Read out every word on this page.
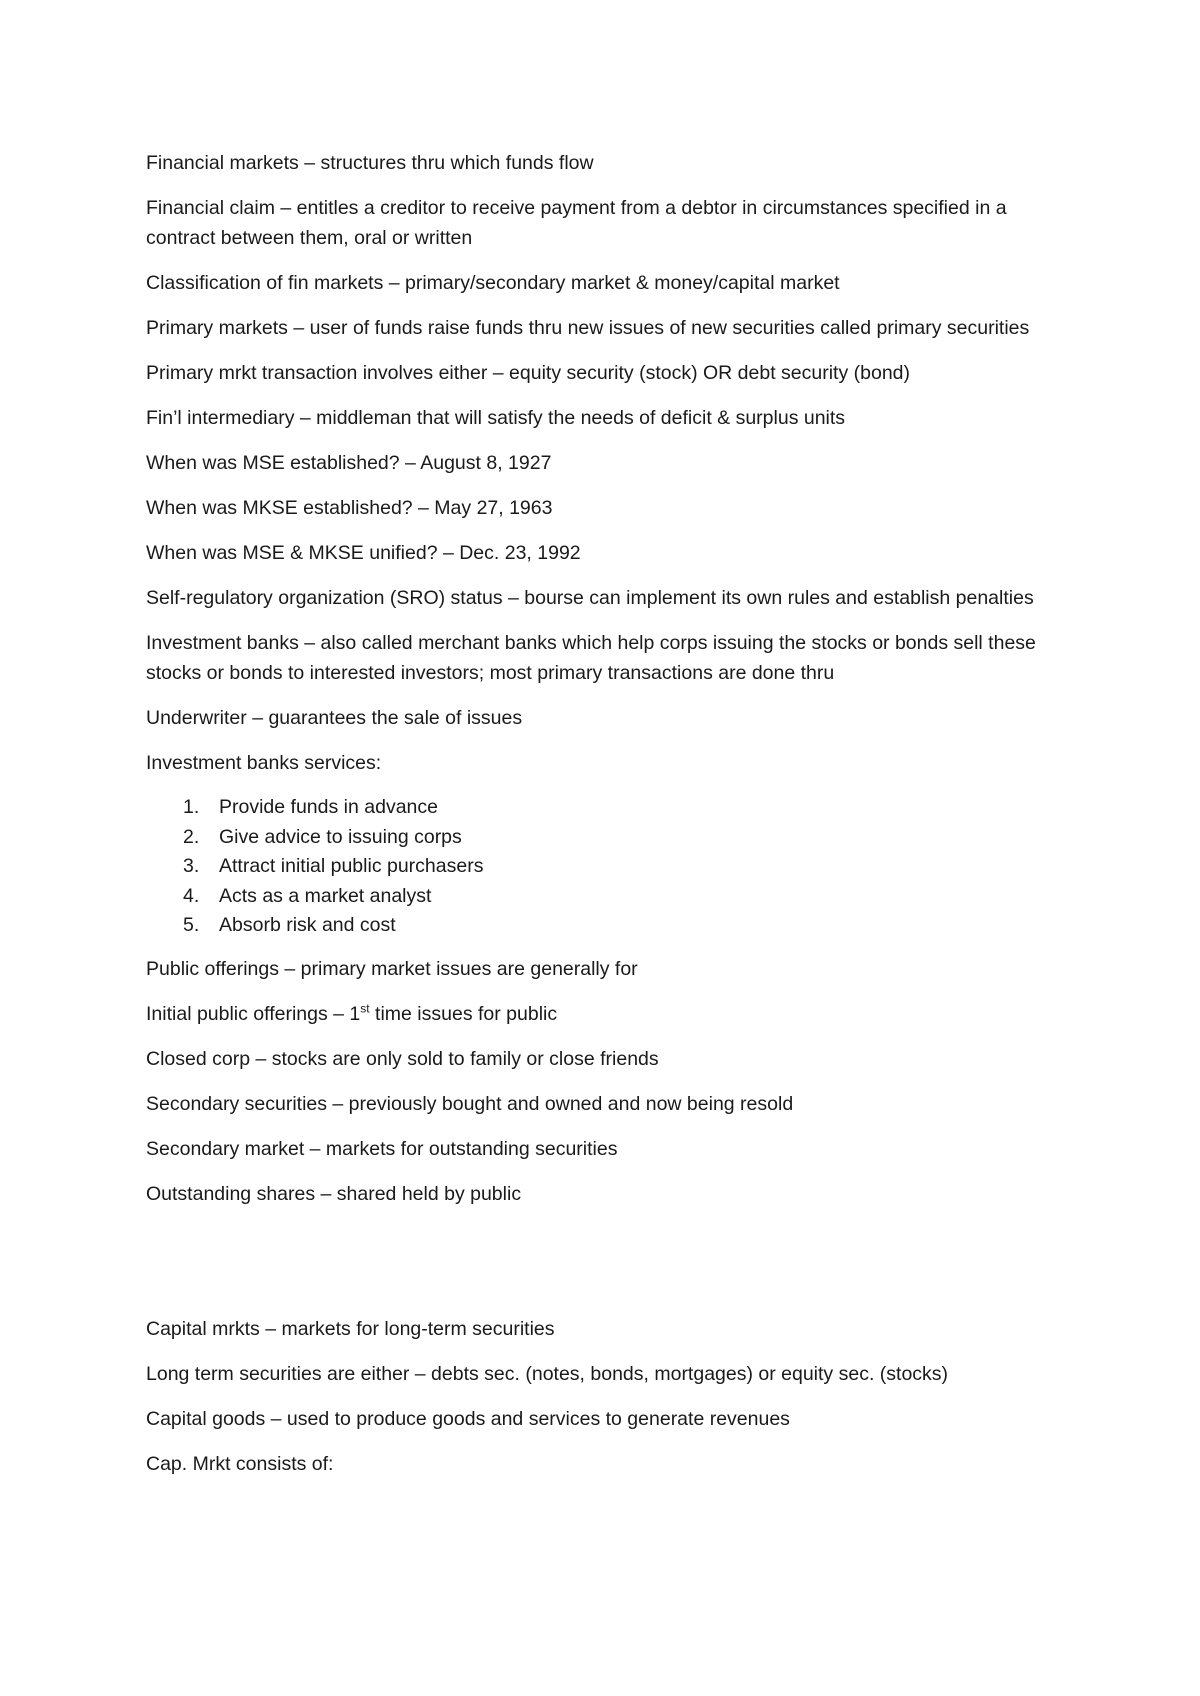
Financial markets – structures thru which funds flow

Financial claim – entitles a creditor to receive payment from a debtor in circumstances specified in a contract between them, oral or written

Classification of fin markets – primary/secondary market & money/capital market

Primary markets – user of funds raise funds thru new issues of new securities called primary securities

Primary mrkt transaction involves either – equity security (stock) OR debt security (bond)

Fin’l intermediary – middleman that will satisfy the needs of deficit & surplus units

When was MSE established? – August 8, 1927

When was MKSE established? – May 27, 1963

When was MSE & MKSE unified? – Dec. 23, 1992

Self-regulatory organization (SRO) status – bourse can implement its own rules and establish penalties

Investment banks – also called merchant banks which help corps issuing the stocks or bonds sell these stocks or bonds to interested investors; most primary transactions are done thru

Underwriter – guarantees the sale of issues

Investment banks services:

1. Provide funds in advance
2. Give advice to issuing corps
3. Attract initial public purchasers
4. Acts as a market analyst
5. Absorb risk and cost

Public offerings – primary market issues are generally for

Initial public offerings – 1st time issues for public

Closed corp – stocks are only sold to family or close friends

Secondary securities – previously bought and owned and now being resold

Secondary market – markets for outstanding securities

Outstanding shares – shared held by public

Capital mrkts – markets for long-term securities

Long term securities are either – debts sec. (notes, bonds, mortgages) or equity sec. (stocks)

Capital goods – used to produce goods and services to generate revenues

Cap. Mrkt consists of:
